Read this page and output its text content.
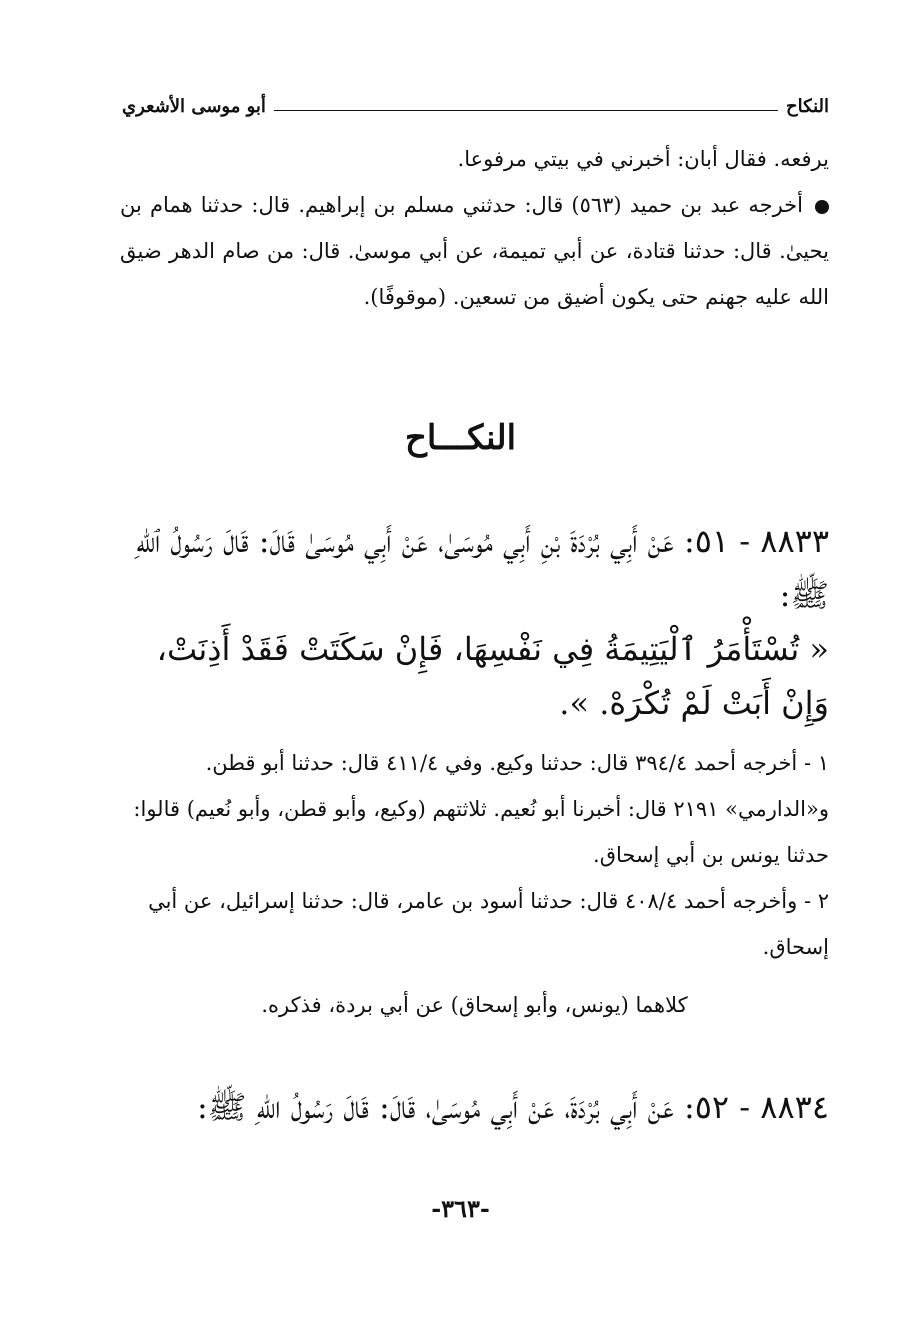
النكاح
أبو موسى الأشعري

يرفعه. فقال أبان: أخبرني في بيتي مرفوعا.

أخرجه عبد بن حميد (٥٦٣) قال: حدثني مسلم بن إبراهيم. قال: حدثنا همام بن يحيىٰ. قال: حدثنا قتادة، عن أبي تميمة، عن أبي موسىٰ. قال: من صام الدهر ضيق الله عليه جهنم حتى يكون أضيق من تسعين. (موقوفًا).

النكـــاح

٨٨٣٣ - ٥١: عَنْ أَبِي بُرْدَةَ بْنِ أَبِي مُوسَىٰ، عَنْ أَبِي مُوسَىٰ قَالَ: قَالَ رَسُولُ ٱللهِ ﷺ:

« تُسْتَأْمَرُ ٱلْيَتِيمَةُ فِي نَفْسِهَا، فَإِنْ سَكَتَتْ فَقَدْ أَذِنَتْ، وَإِنْ أَبَتْ لَمْ تُكْرَهْ. ».

١ - أخرجه أحمد ٣٩٤/٤ قال: حدثنا وكيع. وفي ٤١١/٤ قال: حدثنا أبو قطن. و«الدارمي» ٢١٩١ قال: أخبرنا أبو نُعيم. ثلاثتهم (وكيع، وأبو قطن، وأبو نُعيم) قالوا: حدثنا يونس بن أبي إسحاق.

٢ - وأخرجه أحمد ٤٠٨/٤ قال: حدثنا أسود بن عامر، قال: حدثنا إسرائيل، عن أبي إسحاق.

كلاهما (يونس، وأبو إسحاق) عن أبي بردة، فذكره.

٨٨٣٤ - ٥٢: عَنْ أَبِي بُرْدَةَ، عَنْ أَبِي مُوسَىٰ، قَالَ: قَالَ رَسُولُ اللهِ ﷺ:

-٣٦٣-
